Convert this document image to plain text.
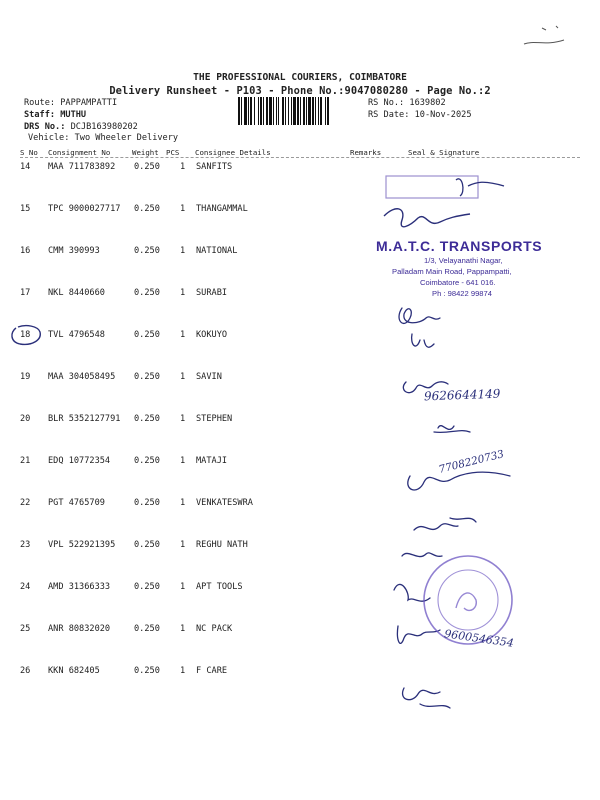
THE PROFESSIONAL COURIERS, COIMBATORE
Delivery Runsheet - P103 - Phone No.:9047080280 - Page No.:2
Route: PAPPAMPATTI
Staff: MUTHU
DRS No.: DCJB163980202
Vehicle: Two Wheeler Delivery
RS No.: 1639802
RS Date: 10-Nov-2025
S No Consignment No	Weight PCS Consignee Details	Remarks	Seal & Signature
14 MAA 711783892 0.250 1 SANFITS
15 TPC 9000027717 0.250 1 THANGAMMAL
16 CMM 390993	0.250 1 NATIONAL
17 NKL 8440660	0.250 1 SURABI
18 TVL 4796548	0.250 1 KOKUYO
19 MAA 304058495 0.250 1 SAVIN
20 BLR 5352127791 0.250 1 STEPHEN
21 EDQ 10772354	0.250 1 MATAJI
22 PGT 4765709	0.250 1 VENKATESWRA
23 VPL 522921395 0.250 1 REGHU NATH
24 AMD 31366333	0.250 1 APT TOOLS
25 ANR 80832020	0.250 1 NC PACK
26 KKN 682405	0.250 1 F CARE
M.A.T.C. TRANSPORTS
1/3, Velayanathi Nagar,
Palladam Main Road, Pappampatti,
Coimbatore - 641 016.
Ph : 98422 99874
9626644149
7708220733
9600546354
